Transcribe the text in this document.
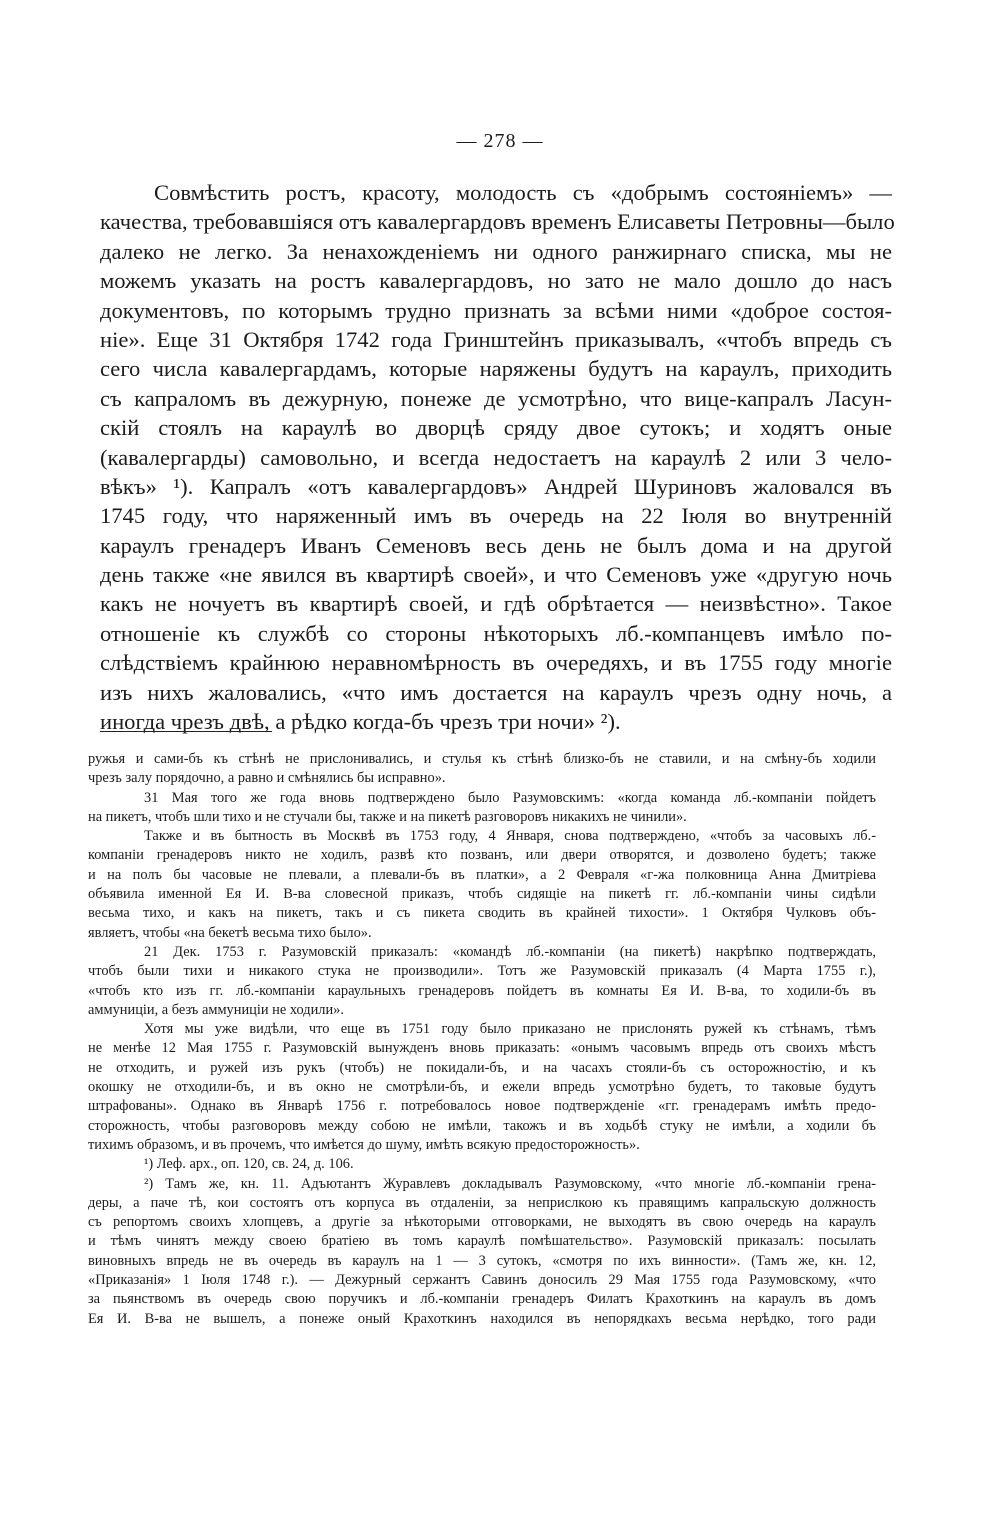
— 278 —
Совмѣстить ростъ, красоту, молодость съ «добрымъ состояніемъ» —
качества, требовавшіяся отъ кавалергардовъ временъ Елисаветы Петровны—было
далеко не легко. За ненахожденіемъ ни одного ранжирнаго списка, мы не
можемъ указать на ростъ кавалергардовъ, но зато не мало дошло до насъ
документовъ, по которымъ трудно признать за всѣми ними «доброе состоя-
ніе». Еще 31 Октября 1742 года Гринштейнъ приказывалъ, «чтобъ впредь съ
сего числа кавалергардамъ, которые наряжены будутъ на караулъ, приходить
съ капраломъ въ дежурную, понеже де усмотрѣно, что вице-капралъ Ласун-
скій стоялъ на караулѣ во дворцѣ сряду двое сутокъ; и ходятъ оные
(кавалергарды) самовольно, и всегда недостаетъ на караулѣ 2 или 3 чело-
вѣкъ» ¹). Капралъ «отъ кавалергардовъ» Андрей Шуриновъ жаловался въ
1745 году, что наряженный имъ въ очередь на 22 Іюля во внутренній
караулъ гренадеръ Иванъ Семеновъ весь день не былъ дома и на другой
день также «не явился въ квартирѣ своей», и что Семеновъ уже «другую ночь
какъ не ночуетъ въ квартирѣ своей, и гдѣ обрѣтается — неизвѣстно». Такое
отношеніе къ службѣ со стороны нѣкоторыхъ лб.-компанцевъ имѣло по-
слѣдствіемъ крайнюю неравномѣрность въ очередяхъ, и въ 1755 году многіе
изъ нихъ жаловались, «что имъ достается на караулъ чрезъ одну ночь, а
иногда чрезъ двѣ, а рѣдко когда-бъ чрезъ три ночи» ²).
ружья и сами-бъ къ стѣнѣ не прислонивались, и стулья къ стѣнѣ близко-бъ не ставили, и на смѣну-бъ ходили
чрезъ залу порядочно, а равно и смѣнялись бы исправно».
31 Мая того же года вновь подтверждено было Разумовскимъ: «когда команда лб.-компаніи пойдетъ
на пикетъ, чтобъ шли тихо и не стучали бы, также и на пикетѣ разговоровъ никакихъ не чинили».
Также и въ бытность въ Москвѣ въ 1753 году, 4 Января, снова подтверждено, «чтобъ за часовыхъ лб.-
компаніи гренадеровъ никто не ходилъ, развѣ кто позванъ, или двери отворятся, и дозволено будетъ; также
и на полъ бы часовые не плевали, а плевали-бъ въ платки», а 2 Февраля «г-жа полковница Анна Дмитріева
объявила именной Ея И. В-ва словесной приказъ, чтобъ сидящіе на пикетѣ гг. лб.-компаніи чины сидѣли
весьма тихо, и какъ на пикетъ, такъ и съ пикета сводить въ крайней тихости». 1 Октября Чулковъ объ-
являетъ, чтобы «на бекетѣ весьма тихо было».
21 Дек. 1753 г. Разумовскій приказалъ: «командѣ лб.-компаніи (на пикетѣ) накрѣпко подтверждать,
чтобъ были тихи и никакого стука не производили». Тотъ же Разумовскій приказалъ (4 Марта 1755 г.),
«чтобъ кто изъ гг. лб.-компаніи караульныхъ гренадеровъ пойдетъ въ комнаты Ея И. В-ва, то ходили-бъ въ
аммуниціи, а безъ аммуниціи не ходили».
Хотя мы уже видѣли, что еще въ 1751 году было приказано не прислонять ружей къ стѣнамъ, тѣмъ
не менѣе 12 Мая 1755 г. Разумовскій вынужденъ вновь приказать: «онымъ часовымъ впредь отъ своихъ мѣстъ
не отходить, и ружей изъ рукъ (чтобъ) не покидали-бъ, и на часахъ стояли-бъ съ осторожностію, и къ
окошку не отходили-бъ, и въ окно не смотрѣли-бъ, и ежели впредь усмотрѣно будетъ, то таковые будутъ
штрафованы». Однако въ Январѣ 1756 г. потребовалось новое подтвержденіе «гг. гренадерамъ имѣть предо-
сторожность, чтобы разговоровъ между собою не имѣли, такожъ и въ ходьбѣ стуку не имѣли, а ходили бъ
тихимъ образомъ, и въ прочемъ, что имѣется до шуму, имѣть всякую предосторожность».
¹) Леф. арх., оп. 120, св. 24, д. 106.
²) Тамъ же, кн. 11. Адъютантъ Журавлевъ докладывалъ Разумовскому, «что многіе лб.-компаніи грена-
деры, а паче тѣ, кои состоятъ отъ корпуса въ отдаленіи, за неприслкою къ правящимъ капральскую должность
съ репортомъ своихъ хлопцевъ, а другіе за нѣкоторыми отговорками, не выходятъ въ свою очередь на караулъ
и тѣмъ чинятъ между своею братіею въ томъ караулѣ помѣшательство». Разумовскій приказалъ: посылать
виновныхъ впредь не въ очередь въ караулъ на 1 — 3 сутокъ, «смотря по ихъ винности». (Тамъ же, кн. 12,
«Приказанія» 1 Іюля 1748 г.). — Дежурный сержантъ Савинъ доносилъ 29 Мая 1755 года Разумовскому, «что
за пьянствомъ въ очередь свою поручикъ и лб.-компаніи гренадеръ Филатъ Крахоткинъ на караулъ въ домъ
Ея И. В-ва не вышелъ, а понеже оный Крахоткинъ находился въ непорядкахъ весьма нерѣдко, того ради
